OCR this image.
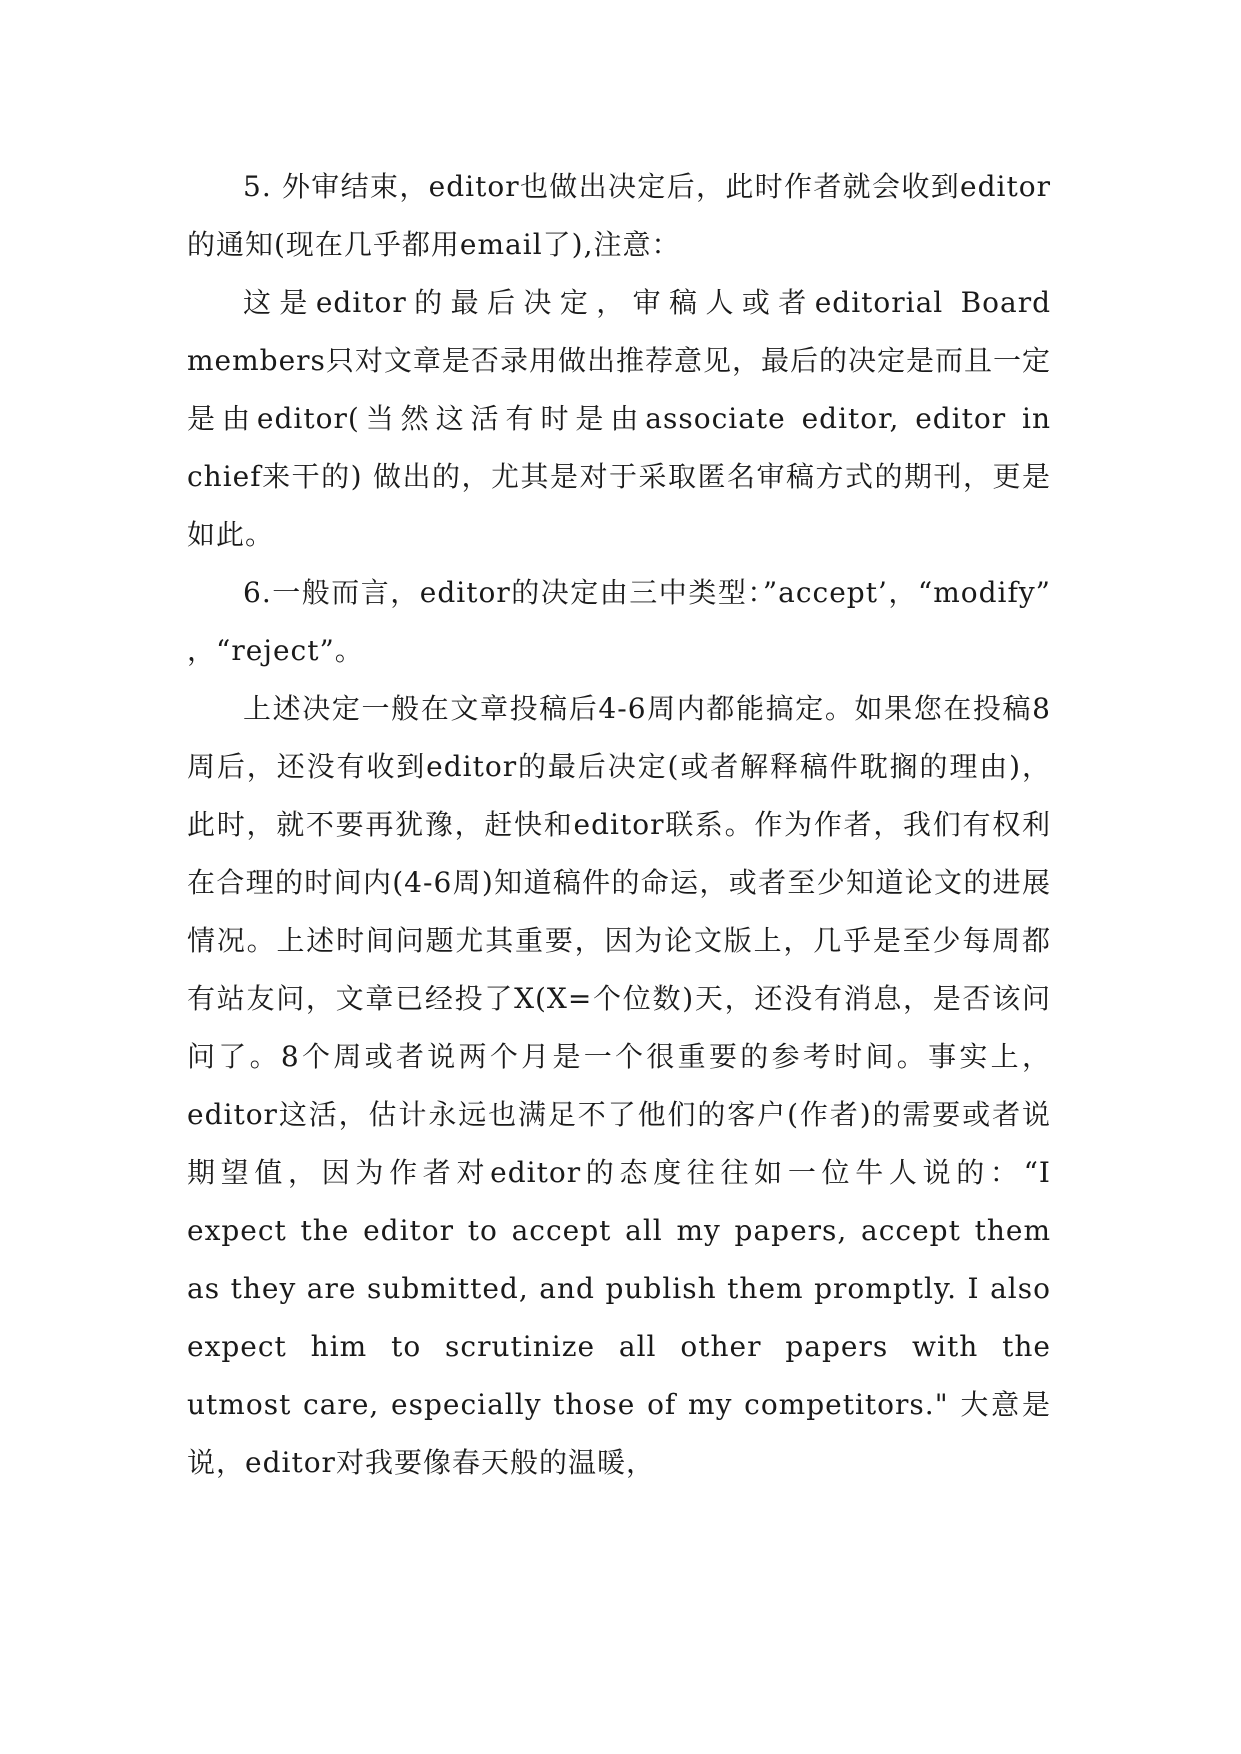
5. 外审结束，editor也做出决定后，此时作者就会收到editor的通知(现在几乎都用email了),注意：

这是editor的最后决定，审稿人或者editorial Board members只对文章是否录用做出推荐意见，最后的决定是而且一定是由editor(当然这活有时是由associate editor, editor in chief来干的) 做出的，尤其是对于采取匿名审稿方式的期刊，更是如此。

6.一般而言，editor的决定由三中类型：”accept’，“modify” ，“reject”。

上述决定一般在文章投稿后4-6周内都能搞定。如果您在投稿8周后，还没有收到editor的最后决定(或者解释稿件耽搁的理由)，此时，就不要再犹豫，赶快和editor联系。作为作者，我们有权利在合理的时间内(4-6周)知道稿件的命运，或者至少知道论文的进展情况。上述时间问题尤其重要，因为论文版上，几乎是至少每周都有站友问，文章已经投了X(X=个位数)天，还没有消息，是否该问问了。8个周或者说两个月是一个很重要的参考时间。事实上，editor这活，估计永远也满足不了他们的客户(作者)的需要或者说期望值，因为作者对editor的态度往往如一位牛人说的：“I expect the editor to accept all my papers, accept them as they are submitted, and publish them promptly. I also expect him to scrutinize all other papers with the utmost care, especially those of my competitors." 大意是说，editor对我要像春天般的温暖，
